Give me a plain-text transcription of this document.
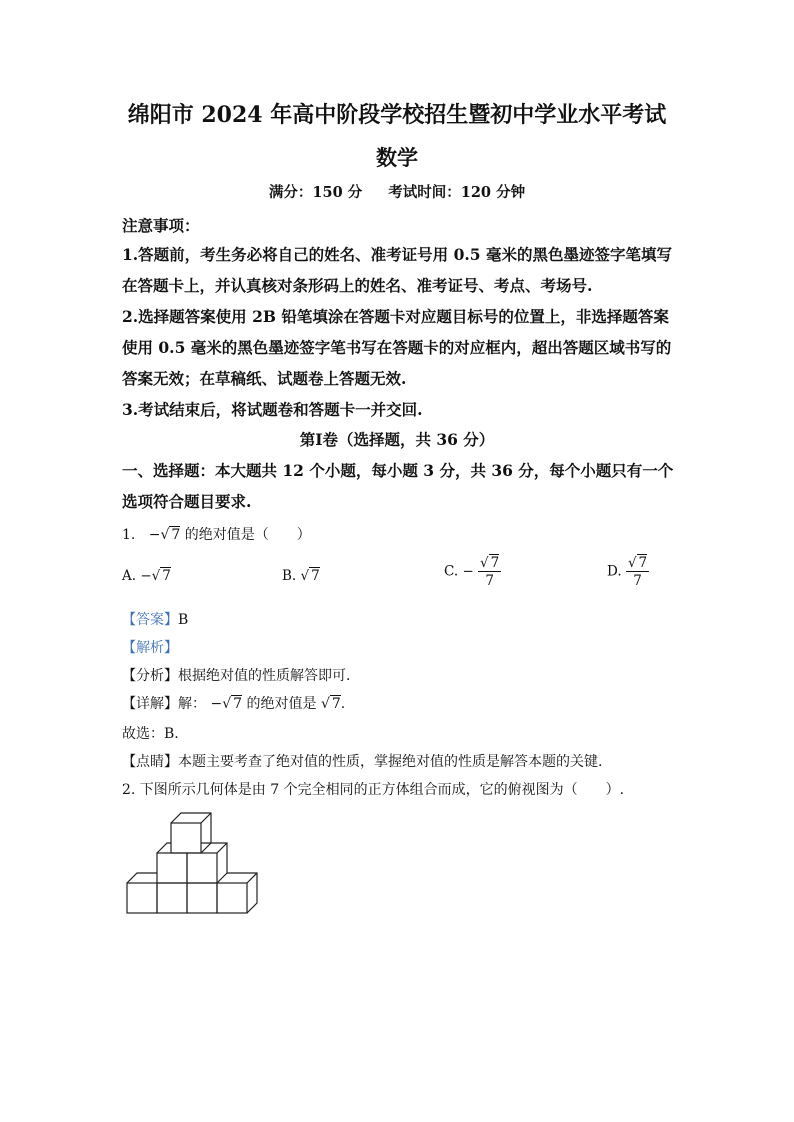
绵阳市 2024 年高中阶段学校招生暨初中学业水平考试
数学
满分：150 分 考试时间：120 分钟
注意事项：
1.答题前，考生务必将自己的姓名、准考证号用 0.5 毫米的黑色墨迹签字笔填写
在答题卡上，并认真核对条形码上的姓名、准考证号、考点、考场号.
2.选择题答案使用 2B 铅笔填涂在答题卡对应题目标号的位置上，非选择题答案
使用 0.5 毫米的黑色墨迹签字笔书写在答题卡的对应框内，超出答题区域书写的
答案无效；在草稿纸、试题卷上答题无效.
3.考试结束后，将试题卷和答题卡一并交回.
第Ⅰ卷（选择题，共 36 分）
一、选择题：本大题共 12 个小题，每小题 3 分，共 36 分，每个小题只有一个
选项符合题目要求.
1. −√ 7 的绝对值是（　　）
A. −√ 7	B. √ 7	C. − $\frac{√ 7}{7}$	D. $\frac{√ 7}{7}$
【答案】B
【解析】
【分析】根据绝对值的性质解答即可.
【详解】解： −√ 7 的绝对值是 √ 7.
故选：B.
【点睛】本题主要考查了绝对值的性质，掌握绝对值的性质是解答本题的关键.
2. 下图所示几何体是由 7 个完全相同的正方体组合而成，它的俯视图为（　　）.
